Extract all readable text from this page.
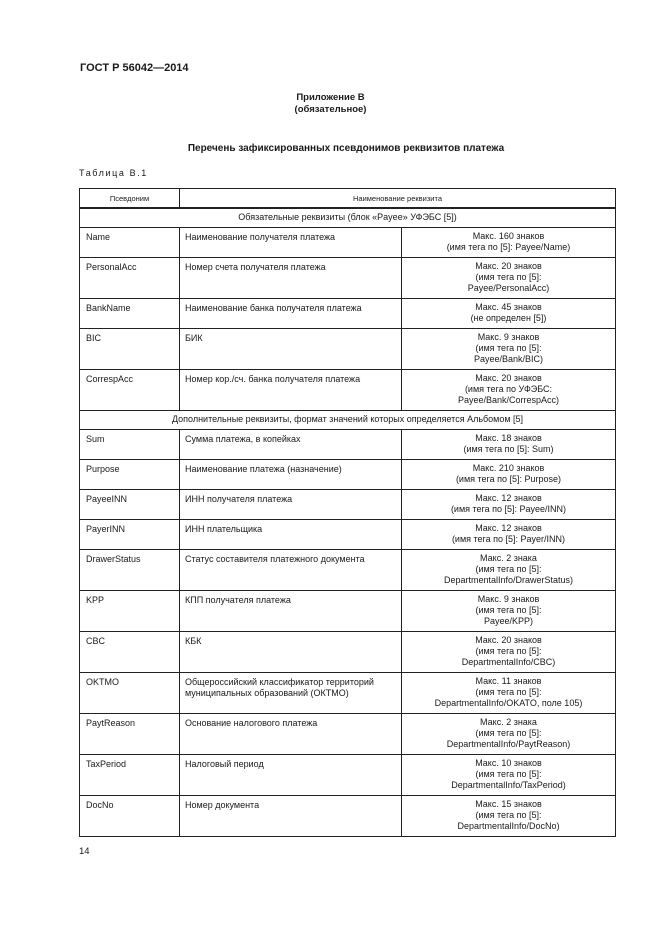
ГОСТ Р 56042—2014
Приложение В
(обязательное)
Перечень зафиксированных псевдонимов реквизитов платежа
Таблица В.1
Псевдоним	Наименование реквизита	
Обязательные реквизиты (блок «Payee» УФЭБС [5])		
Name	Наименование получателя платежа	Макс. 160 знаков
(имя тега по [5]: Payee/Name)

PersonalAcc	Номер счета получателя платежа	Макс. 20 знаков
(имя тега по [5]:
Payee/PersonalAcc)

BankName	Наименование банка получателя платежа	Макс. 45 знаков
(не определен [5])

BIC	БИК	Макс. 9 знаков
(имя тега по [5]:
Payee/Bank/BIC)

CorrespAcc	Номер кор./сч. банка получателя платежа	Макс. 20 знаков
(имя тега по УФЭБС:
Payee/Bank/CorrespAcc)

Дополнительные реквизиты, формат значений которых определяется Альбомом [5]		
Sum	Сумма платежа, в копейках	Макс. 18 знаков
(имя тега по [5]: Sum)

Purpose	Наименование платежа (назначение)	Макс. 210 знаков
(имя тега по [5]: Purpose)

PayeeINN	ИНН получателя платежа	Макс. 12 знаков
(имя тега по [5]: Payee/INN)

PayerINN	ИНН плательщика	Макс. 12 знаков
(имя тега по [5]: Payer/INN)

DrawerStatus	Статус составителя платежного документа	Макс. 2 знака
(имя тега по [5]:
DepartmentalInfo/DrawerStatus)

KPP	КПП получателя платежа	Макс. 9 знаков
(имя тега по [5]:
Payee/KPP)

CBC	КБК	Макс. 20 знаков
(имя тега по [5]:
DepartmentalInfo/CBC)

OKTMO	Общероссийский классификатор территорий
муниципальных образований (ОКТМО)	Макс. 11 знаков
(имя тега по [5]:
DepartmentalInfo/OKATO, поле 105)

PaytReason	Основание налогового платежа	Макс. 2 знака
(имя тега по [5]:
DepartmentalInfo/PaytReason)

TaxPeriod	Налоговый период	Макс. 10 знаков
(имя тега по [5]:
DepartmentalInfo/TaxPeriod)

DocNo	Номер документа	Макс. 15 знаков
(имя тега по [5]:
DepartmentalInfo/DocNo)
14
